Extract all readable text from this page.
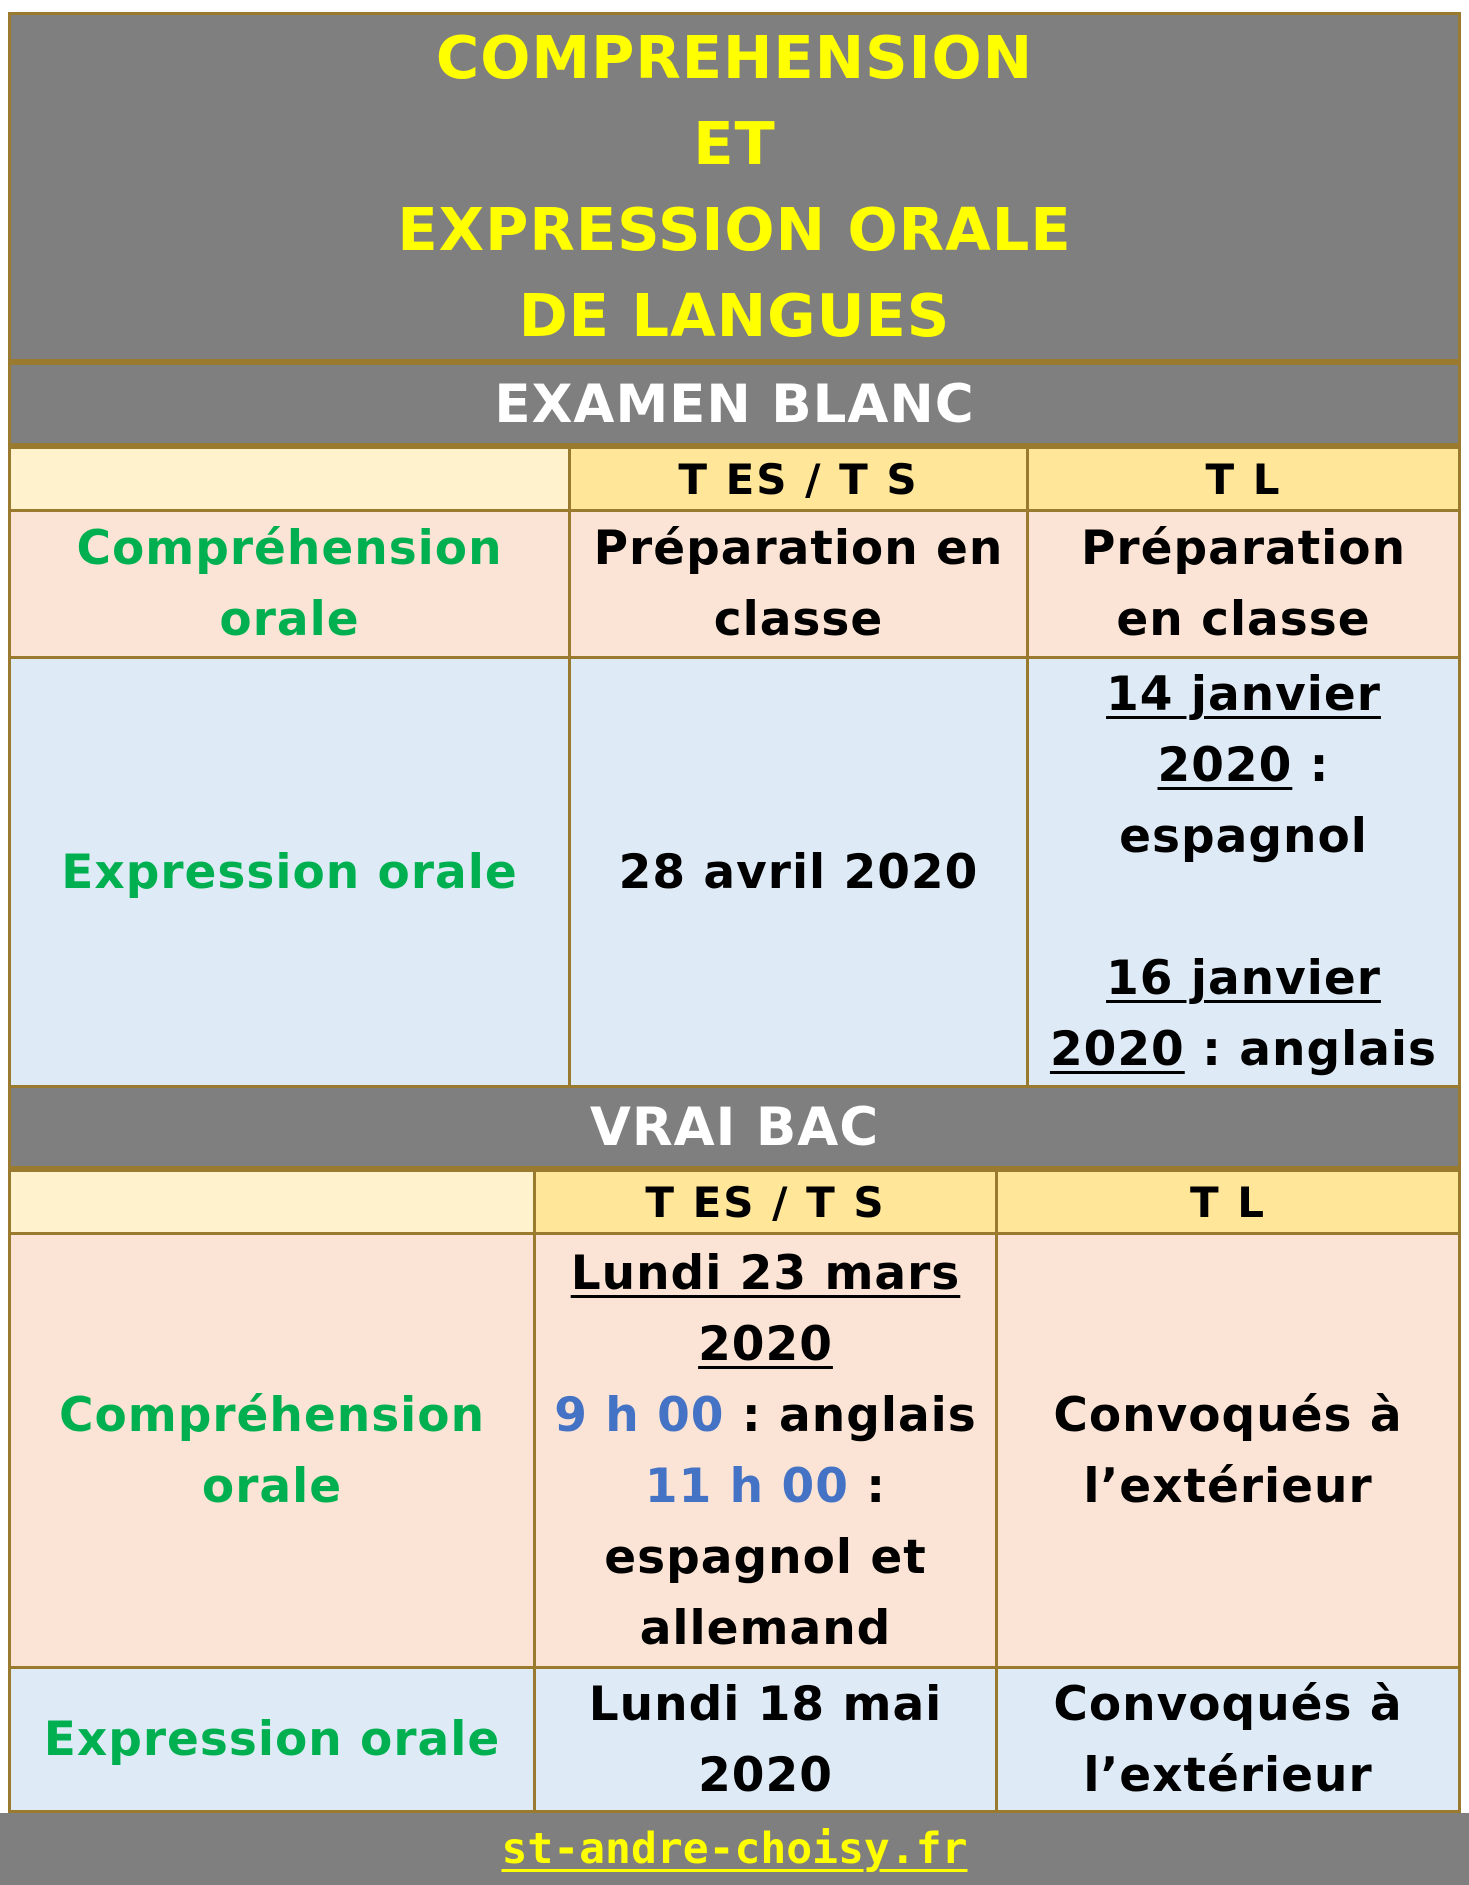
COMPREHENSION
ET
EXPRESSION ORALE
DE LANGUES
EXAMEN BLANC
T ES / T S	T L
Compréhension
orale
Préparation en
classe
Préparation
en classe
Expression orale 28 avril 2020
14 janvier
2020 :
espagnol
16 janvier
2020 : anglais
VRAI BAC
T ES / T S	T L
Compréhension
orale
Lundi 23 mars
2020
9 h 00 : anglais
11 h 00 :
espagnol et
allemand
Convoqués à
l’extérieur
Expression orale
Lundi 18 mai
2020
Convoqués à
l’extérieur
st-andre-choisy.fr
